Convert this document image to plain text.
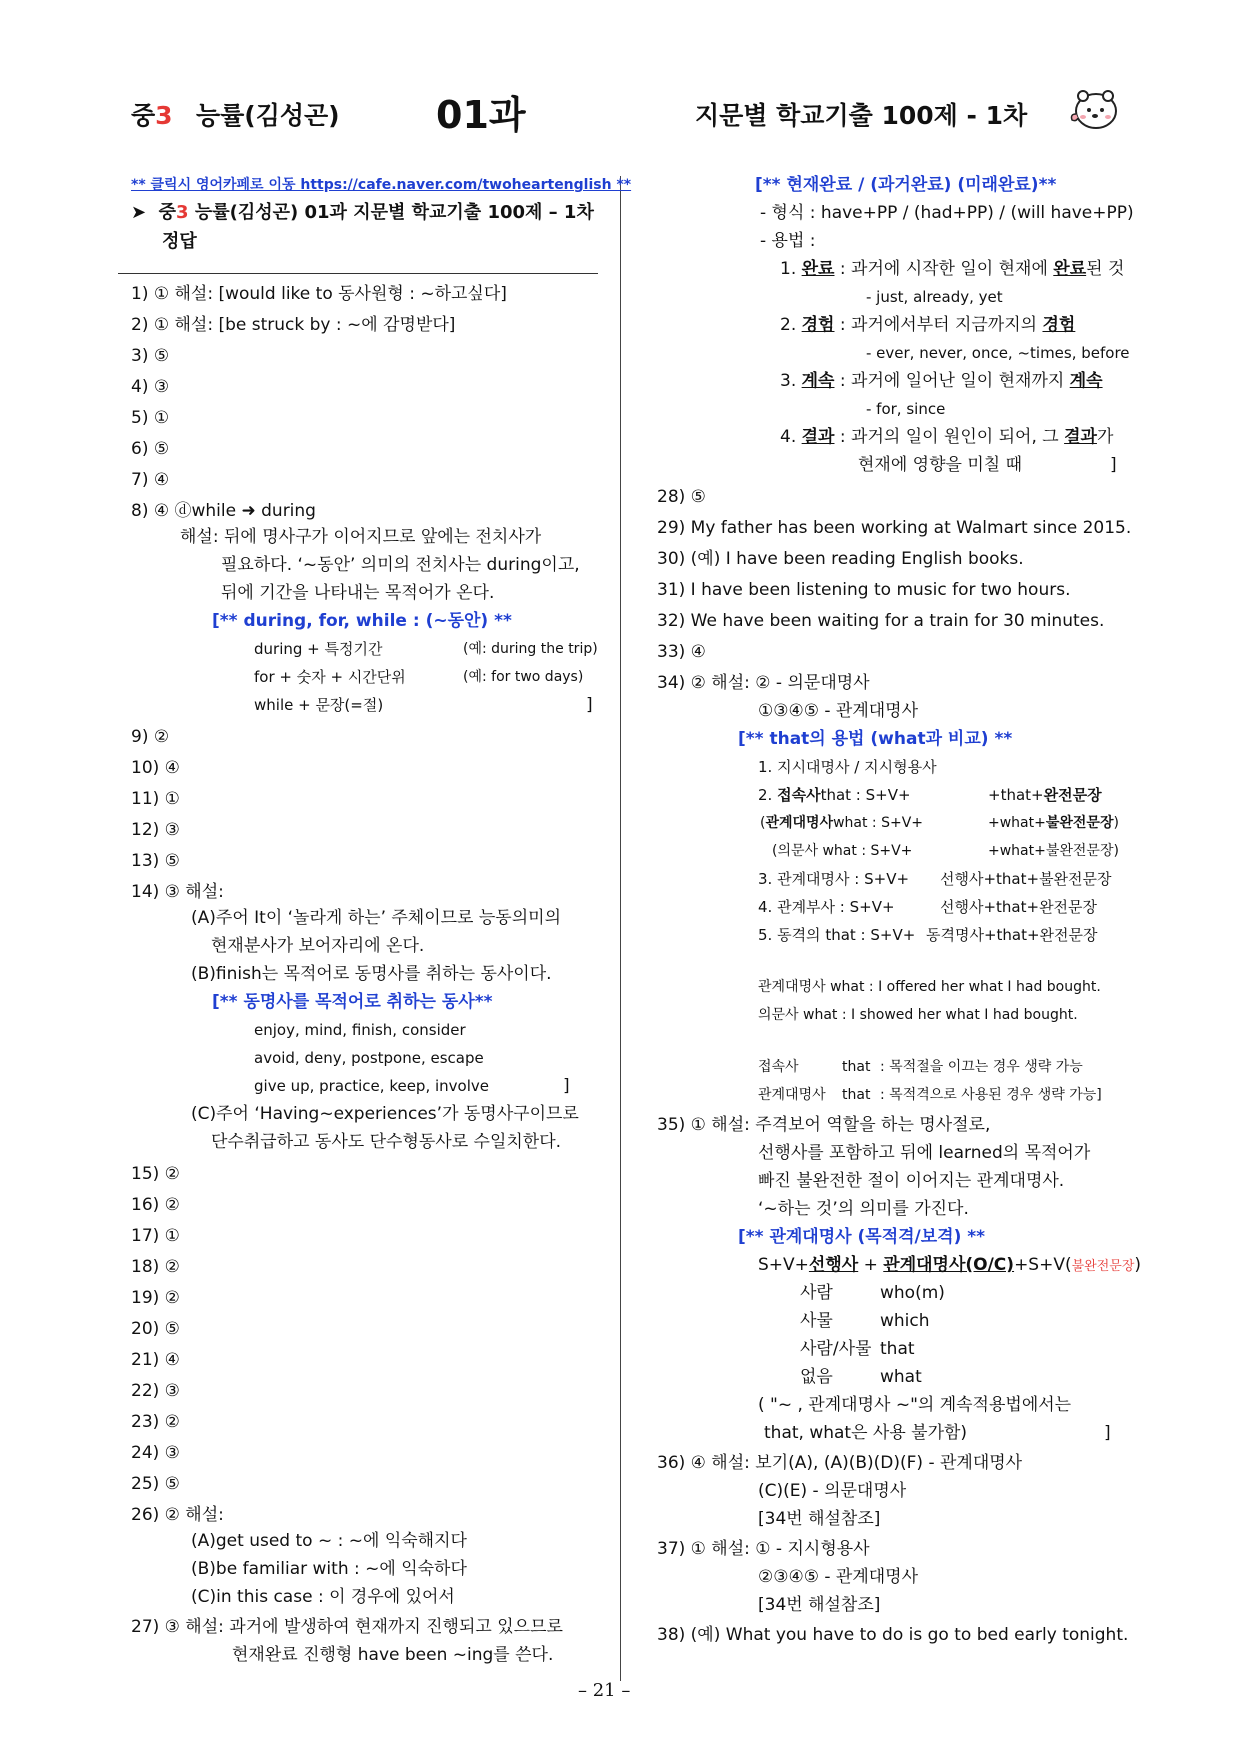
중3 능률(김성곤)	01과	지문별 학교기출 100제 - 1차
** 클릭시 영어카페로 이동 https://cafe.naver.com/twoheartenglish **
➤ 중3 능률(김성곤) 01과 지문별 학교기출 100제 – 1차
정답
1) ① 해설: [would like to 동사원형 : ~하고싶다]
2) ① 해설: [be struck by : ~에 감명받다]
3) ⑤
4) ③
5) ①
6) ⑤
7) ④
8) ④ ⓓwhile ➜ during
해설: 뒤에 명사구가 이어지므로 앞에는 전치사가
필요하다. ‘~동안’ 의미의 전치사는 during이고,
뒤에 기간을 나타내는 목적어가 온다.
[** during, for, while : (~동안) **
during + 특정기간	(예: during the trip)
for + 숫자 + 시간단위	(예: for two days)
while + 문장(=절)	]
9) ②
10) ④
11) ①
12) ③
13) ⑤
14) ③ 해설:
(A)주어 It이 ‘놀라게 하는’ 주체이므로 능동의미의
현재분사가 보어자리에 온다.
(B)finish는 목적어로 동명사를 취하는 동사이다.
[** 동명사를 목적어로 취하는 동사**
enjoy, mind, finish, consider
avoid, deny, postpone, escape
give up, practice, keep, involve	]
(C)주어 ‘Having~experiences’가 동명사구이므로
단수취급하고 동사도 단수형동사로 수일치한다.
15) ②
16) ②
17) ①
18) ②
19) ②
20) ⑤
21) ④
22) ③
23) ②
24) ③
25) ⑤
26) ② 해설:
(A)get used to ~ : ~에 익숙해지다
(B)be familiar with : ~에 익숙하다
(C)in this case : 이 경우에 있어서
27) ③ 해설: 과거에 발생하여 현재까지 진행되고 있으므로
현재완료 진행형 have been ~ing를 쓴다.
[** 현재완료 / (과거완료) (미래완료)**
- 형식 : have+PP / (had+PP) / (will have+PP)
- 용법 :
1. 완료 : 과거에 시작한 일이 현재에 완료된 것
- just, already, yet
2. 경험 : 과거에서부터 지금까지의 경험
- ever, never, once, ~times, before
3. 계속 : 과거에 일어난 일이 현재까지 계속
- for, since
4. 결과 : 과거의 일이 원인이 되어, 그 결과가
현재에 영향을 미칠 때	]
28) ⑤
29) My father has been working at Walmart since 2015.
30) (예) I have been reading English books.
31) I have been listening to music for two hours.
32) We have been waiting for a train for 30 minutes.
33) ④
34) ② 해설: ② - 의문대명사
①③④⑤ - 관계대명사
[** that의 용법 (what과 비교) **
1. 지시대명사 / 지시형용사
2. 접속사that : S+V+	+that+완전문장
(관계대명사what : S+V+	+what+불완전문장)
(의문사 what : S+V+	+what+불완전문장)
3. 관계대명사 : S+V+ 선행사+that+불완전문장
4. 관계부사 : S+V+	선행사+that+완전문장
5. 동격의 that : S+V+ 동격명사+that+완전문장
관계대명사 what : I offered her what I had bought.
의문사 what : I showed her what I had bought.
접속사	that : 목적절을 이끄는 경우 생략 가능
관계대명사 that : 목적격으로 사용된 경우 생략 가능]
35) ① 해설: 주격보어 역할을 하는 명사절로,
선행사를 포함하고 뒤에 learned의 목적어가
빠진 불완전한 절이 이어지는 관계대명사.
‘~하는 것’의 의미를 가진다.
[** 관계대명사 (목적격/보격) **
S+V+선행사 + 관계대명사(O/C)+S+V(불완전문장)
사람	who(m)
사물	which
사람/사물 that
없음	what
( "~ , 관계대명사 ~"의 계속적용법에서는
that, what은 사용 불가함)	]
36) ④ 해설: 보기(A), (A)(B)(D)(F) - 관계대명사
(C)(E) - 의문대명사
[34번 해설참조]
37) ① 해설: ① - 지시형용사
②③④⑤ - 관계대명사
[34번 해설참조]
38) (예) What you have to do is go to bed early tonight.
– 21 –
